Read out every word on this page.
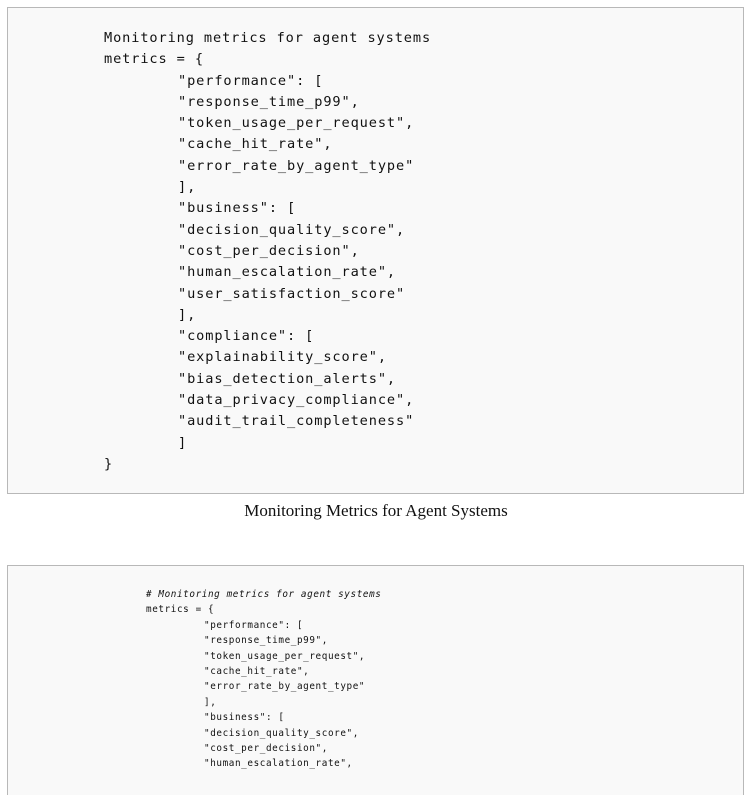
Monitoring metrics for agent systems
metrics = {
"performance": [
"response_time_p99",
"token_usage_per_request",
"cache_hit_rate",
"error_rate_by_agent_type"
],
"business": [
"decision_quality_score",
"cost_per_decision",
"human_escalation_rate",
"user_satisfaction_score"
],
"compliance": [
"explainability_score",
"bias_detection_alerts",
"data_privacy_compliance",
"audit_trail_completeness"
]
}
Monitoring Metrics for Agent Systems
# Monitoring metrics for agent systems
metrics = {
"performance": [
"response_time_p99",
"token_usage_per_request",
"cache_hit_rate",
"error_rate_by_agent_type"
],
"business": [
"decision_quality_score",
"cost_per_decision",
"human_escalation_rate",
